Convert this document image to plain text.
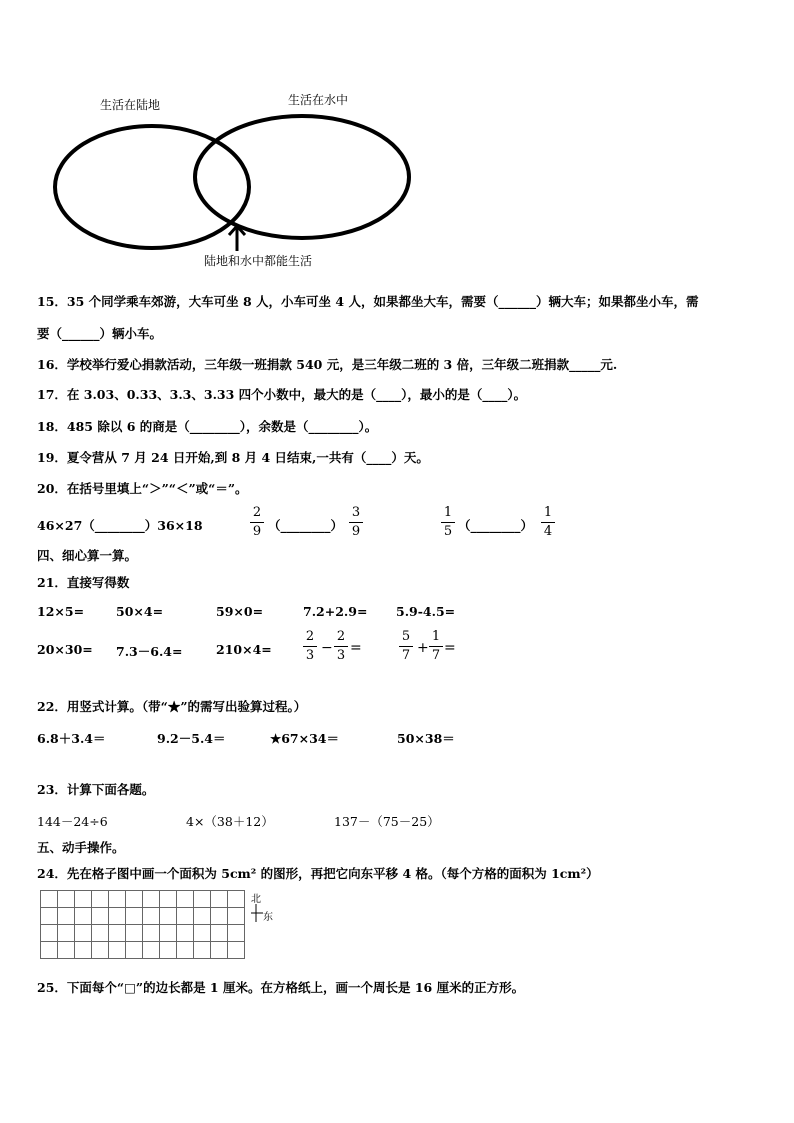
生活在陆地	生活在水中
陆地和水中都能生活
15．35 个同学乘车郊游，大车可坐 8 人，小车可坐 4 人，如果都坐大车，需要（______）辆大车；如果都坐小车，需
要（______）辆小车。
16．学校举行爱心捐款活动，三年级一班捐款 540 元，是三年级二班的 3 倍，三年级二班捐款_____元.
17．在 3.03、0.33、3.3、3.33 四个小数中，最大的是（____），最小的是（____）。
18．485 除以 6 的商是（________），余数是（________）。
19．夏令营从 7 月 24 日开始,到 8 月 4 日结束,一共有（____）天。
20．在括号里填上“＞”“＜”或“＝”。
46×27（________）36×18
2
9 （________）
3
9
1
5 （________）
1
4
四、细心算一算。
21．直接写得数
12×5=	50×4=	59×0=	7.2+2.9= 5.9-4.5=
20×30= 7.3－6.4=	210×4=
2
3 −
2
3 =
5
7 +
1
7 =
22．用竖式计算。（带“★”的需写出验算过程。）
6.8＋3.4＝	9.2－5.4＝	★67×34＝	50×38＝
23．计算下面各题。
144－24÷6	4×（38＋12）	137－（75－25）
五、动手操作。
24．先在格子图中画一个面积为 5cm² 的图形，再把它向东平移 4 格。（每个方格的面积为 1cm²）
北
东
25．下面每个“□”的边长都是 1 厘米。在方格纸上，画一个周长是 16 厘米的正方形。
